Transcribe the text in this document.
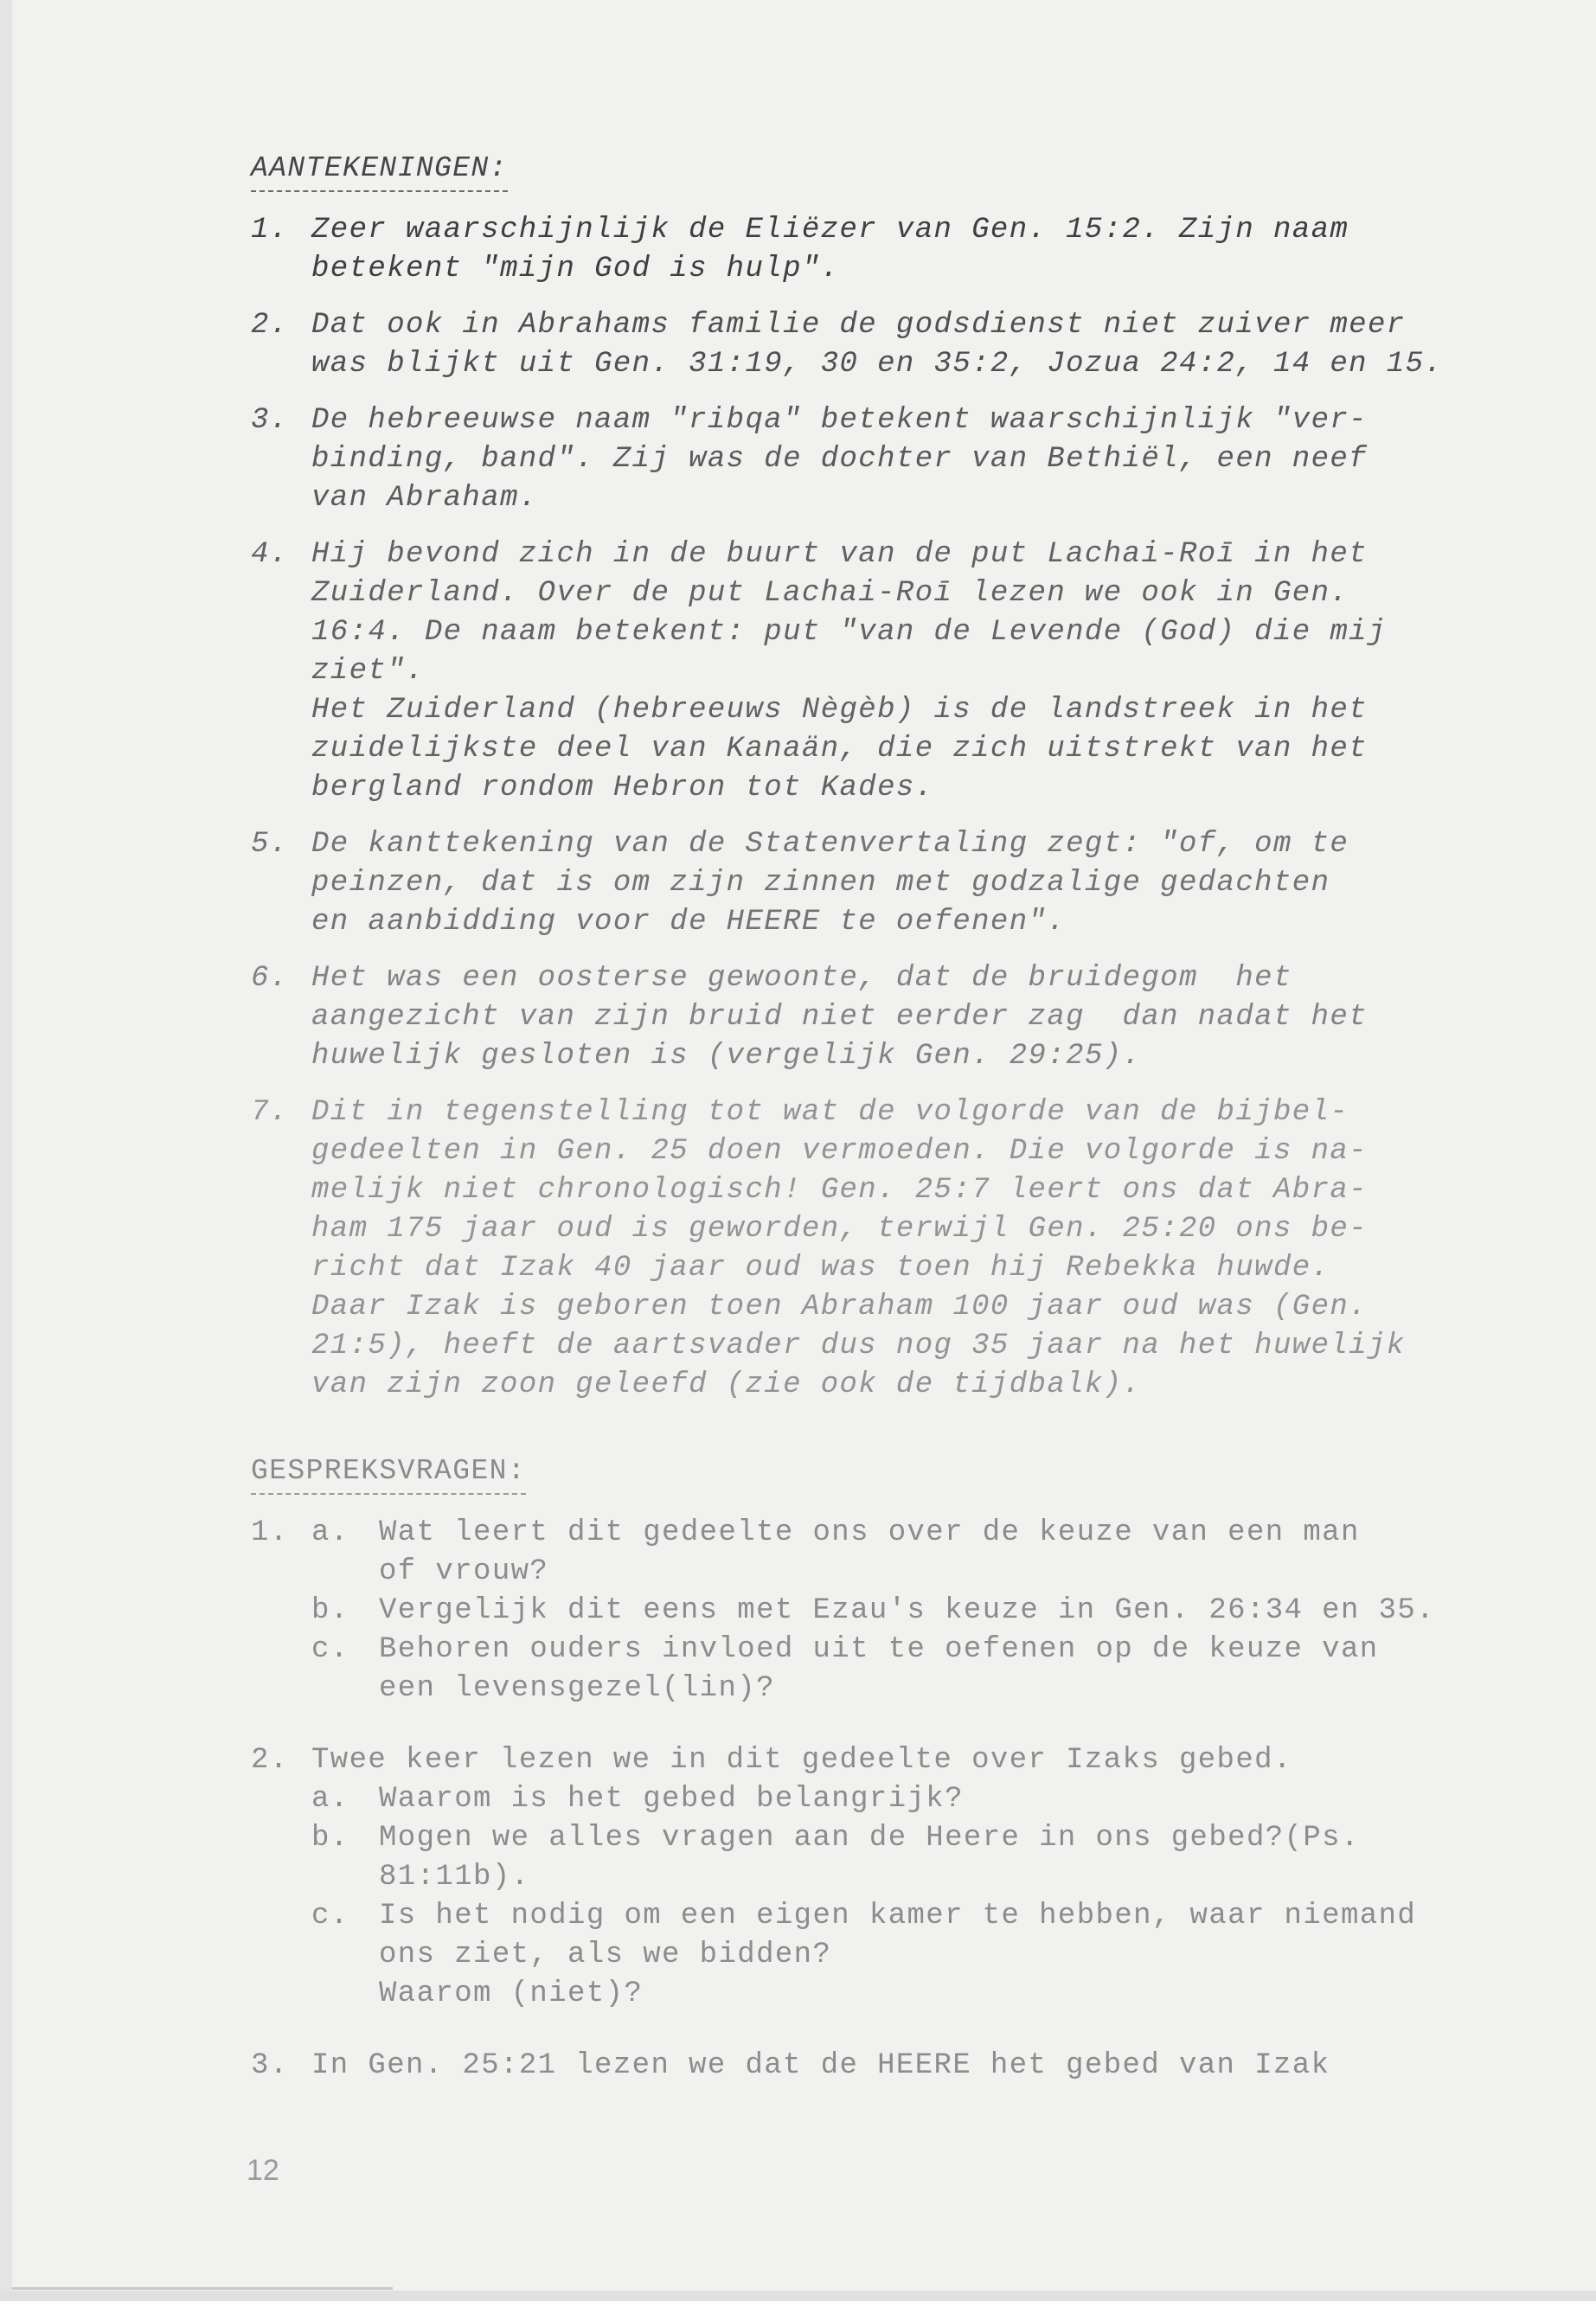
AANTEKENINGEN:
1. Zeer waarschijnlijk de Eliëzer van Gen. 15:2. Zijn naam
betekent "mijn God is hulp".
2. Dat ook in Abrahams familie de godsdienst niet zuiver meer
was blijkt uit Gen. 31:19, 30 en 35:2, Jozua 24:2, 14 en 15.
3. De hebreeuwse naam "ribqa" betekent waarschijnlijk "ver-
binding, band". Zij was de dochter van Bethiël, een neef
van Abraham.
4. Hij bevond zich in de buurt van de put Lachai-Roī in het
Zuiderland. Over de put Lachai-Roī lezen we ook in Gen.
16:4. De naam betekent: put "van de Levende (God) die mij
ziet".
Het Zuiderland (hebreeuws Nègèb) is de landstreek in het
zuidelijkste deel van Kanaän, die zich uitstrekt van het
bergland rondom Hebron tot Kades.
5. De kanttekening van de Statenvertaling zegt: "of, om te
peinzen, dat is om zijn zinnen met godzalige gedachten
en aanbidding voor de HEERE te oefenen".
6. Het was een oosterse gewoonte, dat de bruidegom  het
aangezicht van zijn bruid niet eerder zag  dan nadat het
huwelijk gesloten is (vergelijk Gen. 29:25).
7. Dit in tegenstelling tot wat de volgorde van de bijbel-
gedeelten in Gen. 25 doen vermoeden. Die volgorde is na-
melijk niet chronologisch! Gen. 25:7 leert ons dat Abra-
ham 175 jaar oud is geworden, terwijl Gen. 25:20 ons be-
richt dat Izak 40 jaar oud was toen hij Rebekka huwde.
Daar Izak is geboren toen Abraham 100 jaar oud was (Gen.
21:5), heeft de aartsvader dus nog 35 jaar na het huwelijk
van zijn zoon geleefd (zie ook de tijdbalk).
GESPREKSVRAGEN:
1. a.	Wat leert dit gedeelte ons over de keuze van een man
of vrouw?
b.	Vergelijk dit eens met Ezau's keuze in Gen. 26:34 en 35.
c.	Behoren ouders invloed uit te oefenen op de keuze van
een levensgezel(lin)?
2. Twee keer lezen we in dit gedeelte over Izaks gebed.
a.	Waarom is het gebed belangrijk?
b.	Mogen we alles vragen aan de Heere in ons gebed?(Ps.
81:11b).
c.	Is het nodig om een eigen kamer te hebben, waar niemand
ons ziet, als we bidden?
Waarom (niet)?
3. In Gen. 25:21 lezen we dat de HEERE het gebed van Izak
12
